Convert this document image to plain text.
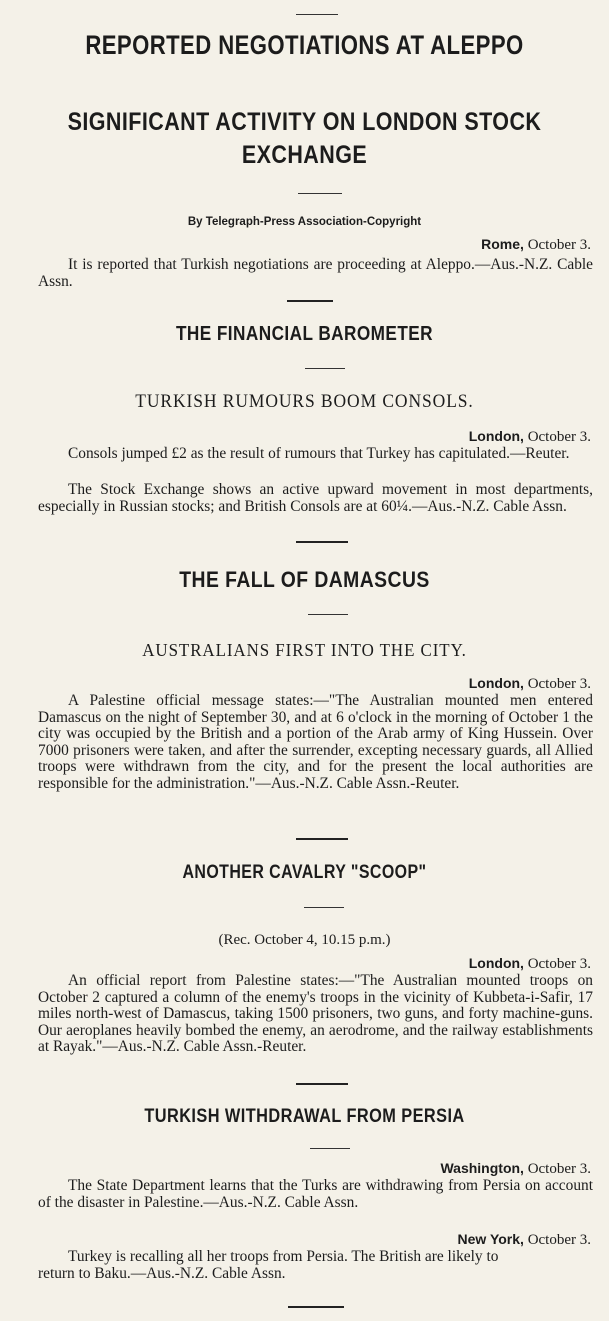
REPORTED NEGOTIATIONS AT ALEPPO
SIGNIFICANT ACTIVITY ON LONDON STOCK
EXCHANGE
By Telegraph-Press Association-Copyright
Rome, October 3.
It is reported that Turkish negotiations are proceeding at Aleppo.—Aus.-N.Z. Cable Assn.
THE FINANCIAL BAROMETER
TURKISH RUMOURS BOOM CONSOLS.
London, October 3.
Consols jumped £2 as the result of rumours that Turkey has capitulated.—Reuter.
The Stock Exchange shows an active upward movement in most departments, especially in Russian stocks; and British Consols are at 60¼.—Aus.-N.Z. Cable Assn.
THE FALL OF DAMASCUS
AUSTRALIANS FIRST INTO THE CITY.
London, October 3.
A Palestine official message states:—"The Australian mounted men entered Damascus on the night of September 30, and at 6 o'clock in the morning of October 1 the city was occupied by the British and a portion of the Arab army of King Hussein. Over 7000 prisoners were taken, and after the surrender, excepting necessary guards, all Allied troops were withdrawn from the city, and for the present the local authorities are responsible for the administration."—Aus.-N.Z. Cable Assn.-Reuter.
ANOTHER CAVALRY "SCOOP"
(Rec. October 4, 10.15 p.m.)
London, October 3.
An official report from Palestine states:—"The Australian mounted troops on October 2 captured a column of the enemy's troops in the vicinity of Kubbeta-i-Safir, 17 miles north-west of Damascus, taking 1500 prisoners, two guns, and forty machine-guns. Our aeroplanes heavily bombed the enemy, an aerodrome, and the railway establishments at Rayak."—Aus.-N.Z. Cable Assn.-Reuter.
TURKISH WITHDRAWAL FROM PERSIA
Washington, October 3.
The State Department learns that the Turks are withdrawing from Persia on account of the disaster in Palestine.—Aus.-N.Z. Cable Assn.
New York, October 3.
Turkey is recalling all her troops from Persia. The British are likely to
return to Baku.—Aus.-N.Z. Cable Assn.
